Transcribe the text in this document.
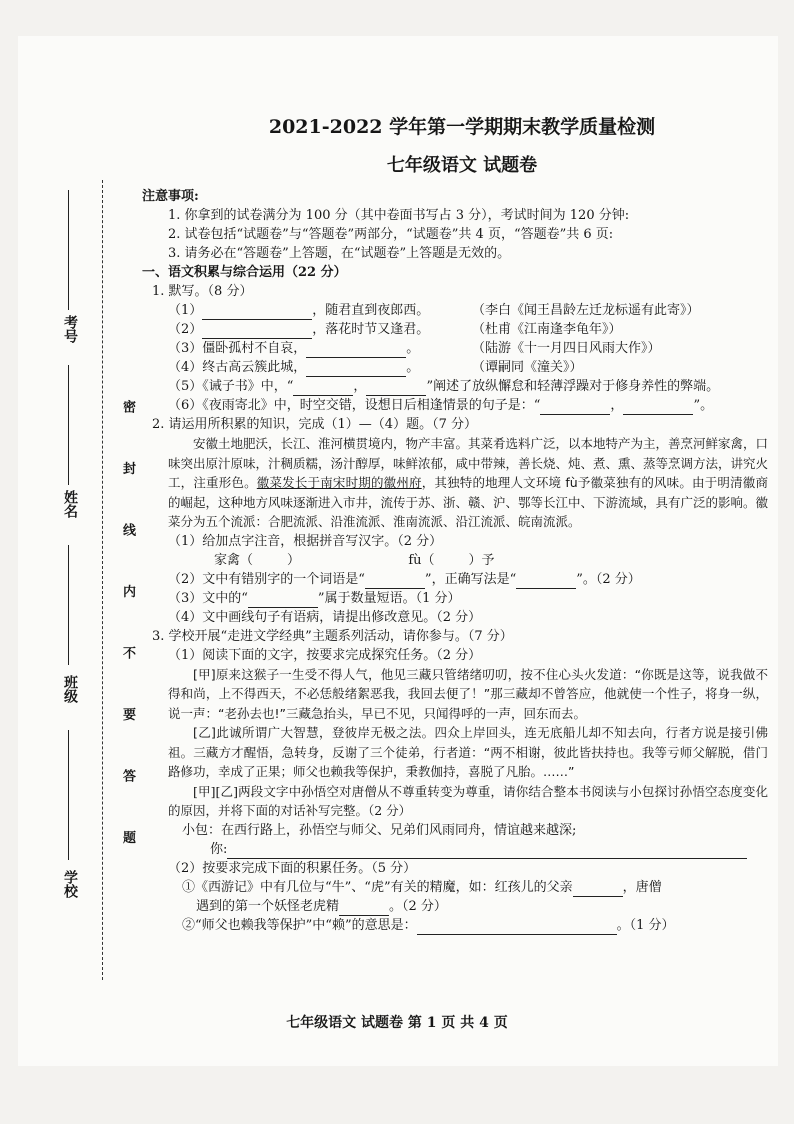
考号
姓名
班级
学校
密 封 线 内 不 要 答 题
2021-2022 学年第一学期期末教学质量检测
七年级语文 试题卷
注意事项:
1. 你拿到的试卷满分为 100 分（其中卷面书写占 3 分），考试时间为 120 分钟:
2. 试卷包括“试题卷”与“答题卷”两部分，“试题卷”共 4 页，“答题卷”共 6 页:
3. 请务必在“答题卷”上答题，在“试题卷”上答题是无效的。
一、语文积累与综合运用（22 分）
1. 默写。（8 分）
（1）	，随君直到夜郎西。	（李白《闻王昌龄左迁龙标遥有此寄》）
（2）	，落花时节又逢君。	（杜甫《江南逢李龟年》）
（3）僵卧孤村不自哀，	。	（陆游《十一月四日风雨大作》）
（4）终古高云簇此城，	。	（谭嗣同《潼关》）
（5）《诫子书》中，“	，	”阐述了放纵懈怠和轻薄浮躁对于修身养性的弊端。
（6）《夜雨寄北》中，时空交错，设想日后相逢情景的句子是：“	，	”。
2. 请运用所积累的知识，完成（1）—（4）题。（7 分）
安徽土地肥沃，长江、淮河横贯境内，物产丰富。其菜肴选料广泛，以本地特产为主，善烹河鲜家禽，口味突出原汁原味，汁稠质糯，汤汁醇厚，味鲜浓郁，咸中带辣，善长烧、炖、煮、熏、蒸等烹调方法，讲究火工，注重形色。徽菜发长于南宋时期的徽州府，其独特的地理人文环境 fù予徽菜独有的风味。由于明清徽商的崛起，这种地方风味逐渐进入市井，流传于苏、浙、赣、沪、鄂等长江中、下游流域，具有广泛的影响。徽菜分为五个流派：合肥流派、沿淮流派、淮南流派、沿江流派、皖南流派。
（1）给加点字注音，根据拼音写汉字。（2 分）
家禽（	）	fù（	）予
（2）文中有错别字的一个词语是“	”，正确写法是“	”。（2 分）
（3）文中的“	”属于数量短语。（1 分）
（4）文中画线句子有语病，请提出修改意见。（2 分）
3. 学校开展“走进文学经典”主题系列活动，请你参与。（7 分）
（1）阅读下面的文字，按要求完成探究任务。（2 分）
[甲]原来这猴子一生受不得人气，他见三藏只管绪绪叨叨，按不住心头火发道：“你既是这等，说我做不得和尚，上不得西天，不必恁般绪絮恶我，我回去便了！”那三藏却不曾答应，他就使一个性子，将身一纵，说一声：“老孙去也!”三藏急抬头，早已不见，只闻得呼的一声，回东而去。
[乙]此诚所谓广大智慧，登彼岸无极之法。四众上岸回头，连无底船儿却不知去向，行者方说是接引佛祖。三藏方才醒悟，急转身，反谢了三个徒弟，行者道：“两不相谢，彼此皆扶持也。我等亏师父解脱，借门路修功，幸成了正果；师父也赖我等保护，秉教伽持，喜脱了凡胎。……”
[甲][乙]两段文字中孙悟空对唐僧从不尊重转变为尊重，请你结合整本书阅读与小包探讨孙悟空态度变化的原因，并将下面的对话补写完整。（2 分）
小包：在西行路上，孙悟空与师父、兄弟们风雨同舟，情谊越来越深;
你:
（2）按要求完成下面的积累任务。（5 分）
①《西游记》中有几位与“牛”、“虎”有关的精魔，如：红孩儿的父亲	，唐僧
遇到的第一个妖怪老虎精	。（2 分）
②“师父也赖我等保护”中“赖”的意思是：	。（1 分）
七年级语文 试题卷 第 1 页 共 4 页
